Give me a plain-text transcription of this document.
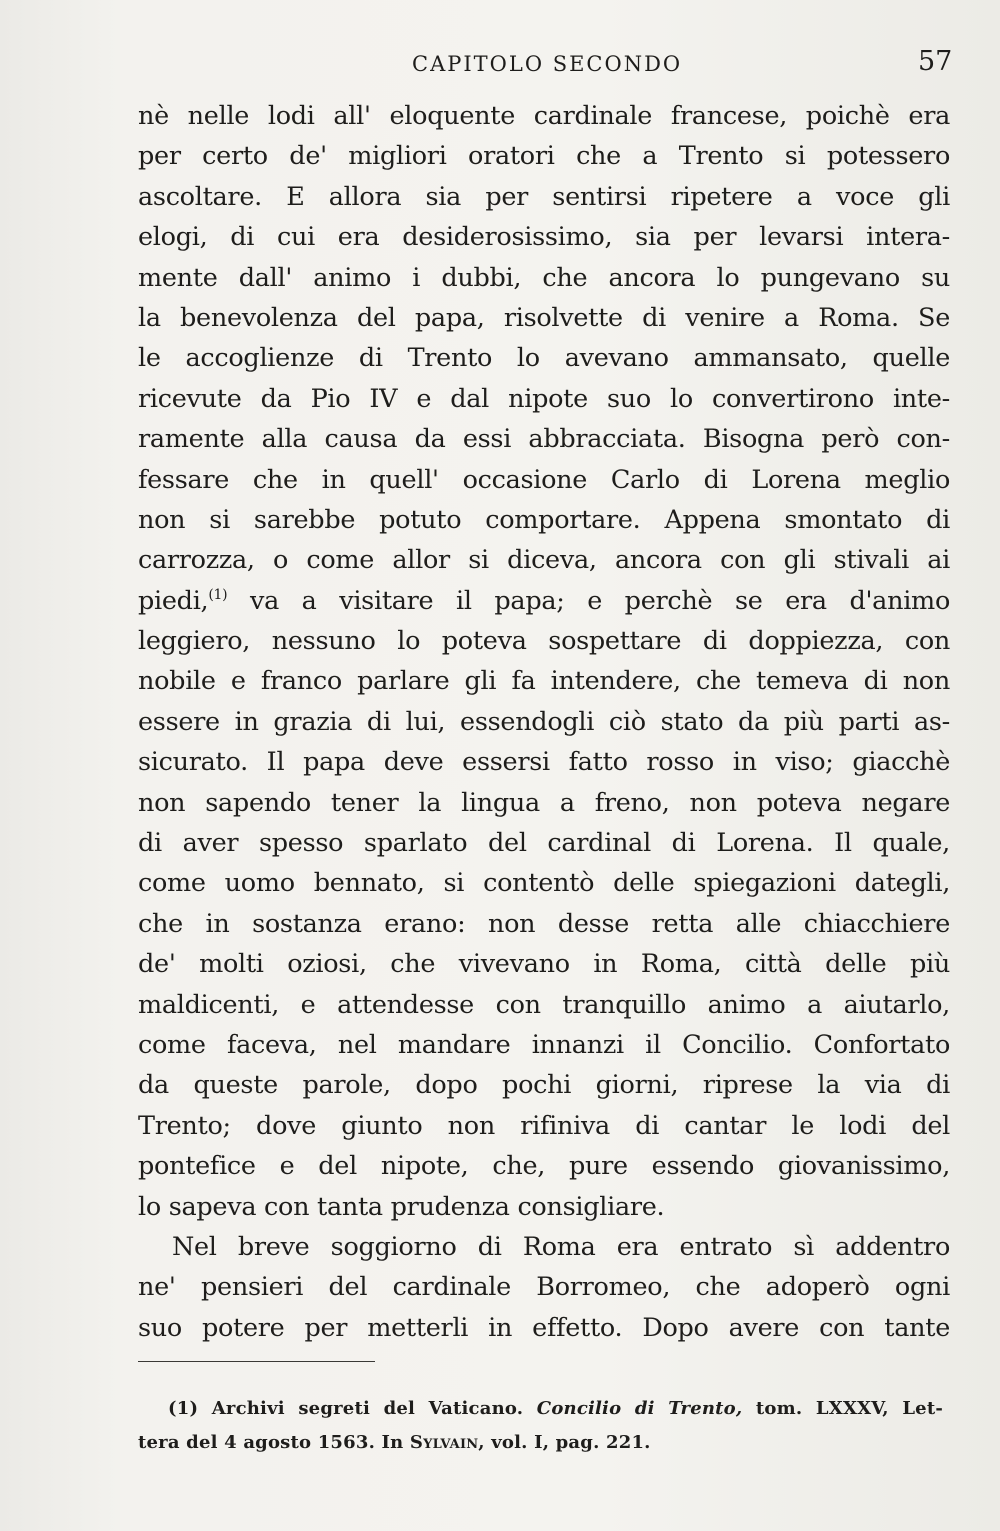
CAPITOLO SECONDO	57
nè nelle lodi all' eloquente cardinale francese, poichè era
per certo de' migliori oratori che a Trento si potessero
ascoltare. E allora sia per sentirsi ripetere a voce gli
elogi, di cui era desiderosissimo, sia per levarsi intera-
mente dall' animo i dubbi, che ancora lo pungevano su
la benevolenza del papa, risolvette di venire a Roma. Se
le accoglienze di Trento lo avevano ammansato, quelle
ricevute da Pio IV e dal nipote suo lo convertirono inte-
ramente alla causa da essi abbracciata. Bisogna però con-
fessare che in quell' occasione Carlo di Lorena meglio
non si sarebbe potuto comportare. Appena smontato di
carrozza, o come allor si diceva, ancora con gli stivali ai
piedi,$^{(1)}$ va a visitare il papa; e perchè se era d'animo
leggiero, nessuno lo poteva sospettare di doppiezza, con
nobile e franco parlare gli fa intendere, che temeva di non
essere in grazia di lui, essendogli ciò stato da più parti as-
sicurato. Il papa deve essersi fatto rosso in viso; giacchè
non sapendo tener la lingua a freno, non poteva negare
di aver spesso sparlato del cardinal di Lorena. Il quale,
come uomo bennato, si contentò delle spiegazioni dategli,
che in sostanza erano: non desse retta alle chiacchiere
de' molti oziosi, che vivevano in Roma, città delle più
maldicenti, e attendesse con tranquillo animo a aiutarlo,
come faceva, nel mandare innanzi il Concilio. Confortato
da queste parole, dopo pochi giorni, riprese la via di
Trento; dove giunto non rifiniva di cantar le lodi del
pontefice e del nipote, che, pure essendo giovanissimo,
lo sapeva con tanta prudenza consigliare.
Nel breve soggiorno di Roma era entrato sì addentro
ne' pensieri del cardinale Borromeo, che adoperò ogni
suo potere per metterli in effetto. Dopo avere con tante
(1) Archivi segreti del Vaticano. Concilio di Trento, tom. LXXXV, Let-
tera del 4 agosto 1563. In Sylvain, vol. I, pag. 221.
